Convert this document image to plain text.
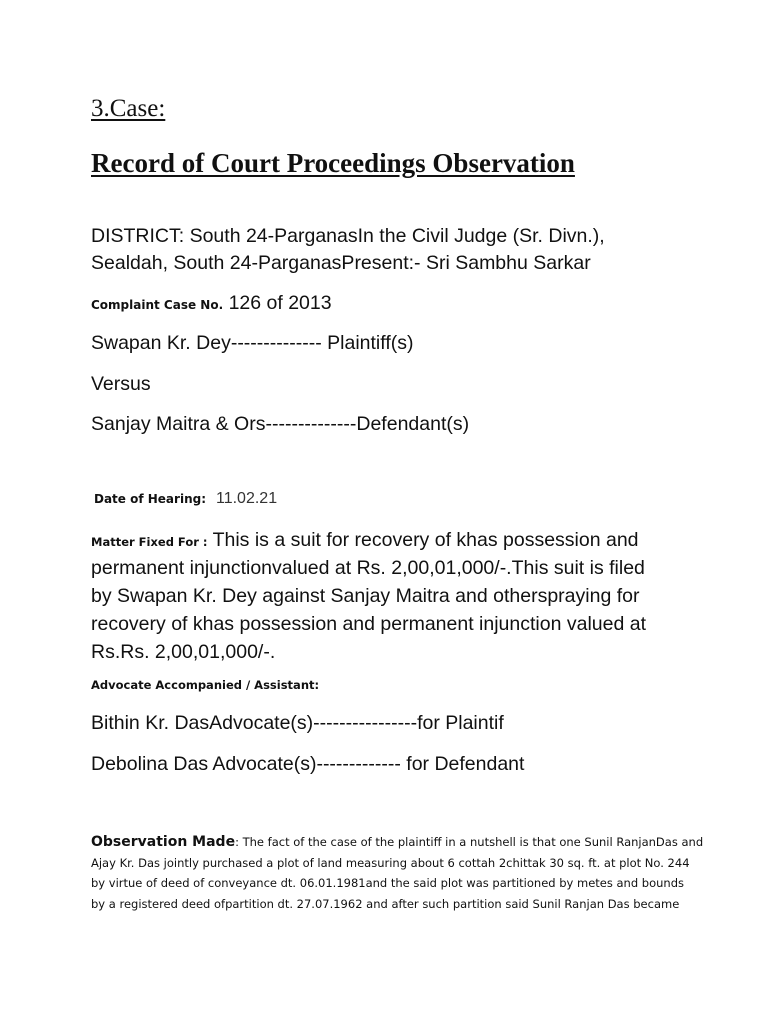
3.Case:
Record of Court Proceedings Observation
DISTRICT: South 24-ParganasIn the Civil Judge (Sr. Divn.),
Sealdah, South 24-ParganasPresent:- Sri Sambhu Sarkar
Complaint Case No. 126 of 2013
Swapan Kr. Dey-------------- Plaintiff(s)
Versus
Sanjay Maitra & Ors--------------Defendant(s)
Date of Hearing: 11.02.21
Matter Fixed For : This is a suit for recovery of khas possession and
permanent injunctionvalued at Rs. 2,00,01,000/-.This suit is filed
by Swapan Kr. Dey against Sanjay Maitra and otherspraying for
recovery of khas possession and permanent injunction valued at
Rs.Rs. 2,00,01,000/-.
Advocate Accompanied / Assistant:
Bithin Kr. DasAdvocate(s)----------------for Plaintif
Debolina Das Advocate(s)------------- for Defendant
Observation Made: The fact of the case of the plaintiff in a nutshell is that one Sunil RanjanDas and
Ajay Kr. Das jointly purchased a plot of land measuring about 6 cottah 2chittak 30 sq. ft. at plot No. 244
by virtue of deed of conveyance dt. 06.01.1981and the said plot was partitioned by metes and bounds
by a registered deed ofpartition dt. 27.07.1962 and after such partition said Sunil Ranjan Das became
